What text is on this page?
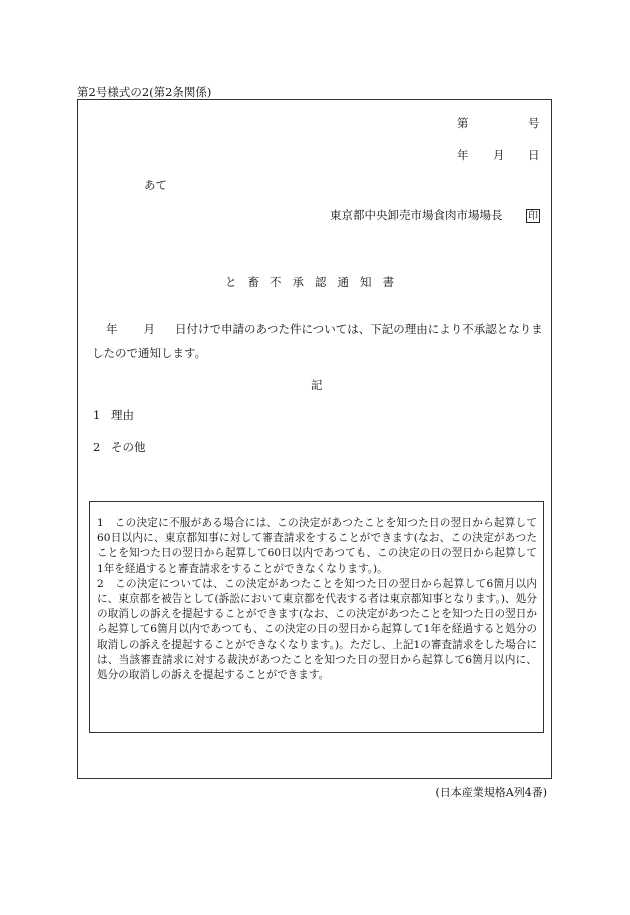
第2号様式の2(第2条関係)
第	号
年 月 日
あて
東京都中央卸売市場食肉市場場長	印
と畜不承認通知書
年 月 日付けで申請のあつた件については、下記の理由により不承認となりま
したので通知します。
記
1 理由
2 その他

1　この決定に不服がある場合には、この決定があつたことを知つた日の翌日から起算して60日以内に、東京都知事に対して審査請求をすることができます(なお、この決定があつたことを知つた日の翌日から起算して60日以内であつても、この決定の日の翌日から起算して1年を経過すると審査請求をすることができなくなります。)。

2　この決定については、この決定があつたことを知つた日の翌日から起算して6箇月以内に、東京都を被告として(訴訟において東京都を代表する者は東京都知事となります。)、処分の取消しの訴えを提起することができます(なお、この決定があつたことを知つた日の翌日から起算して6箇月以内であつても、この決定の日の翌日から起算して1年を経過すると処分の取消しの訴えを提起することができなくなります。)。ただし、上記1の審査請求をした場合には、当該審査請求に対する裁決があつたことを知つた日の翌日から起算して6箇月以内に、処分の取消しの訴えを提起することができます。

(日本産業規格A列4番)
